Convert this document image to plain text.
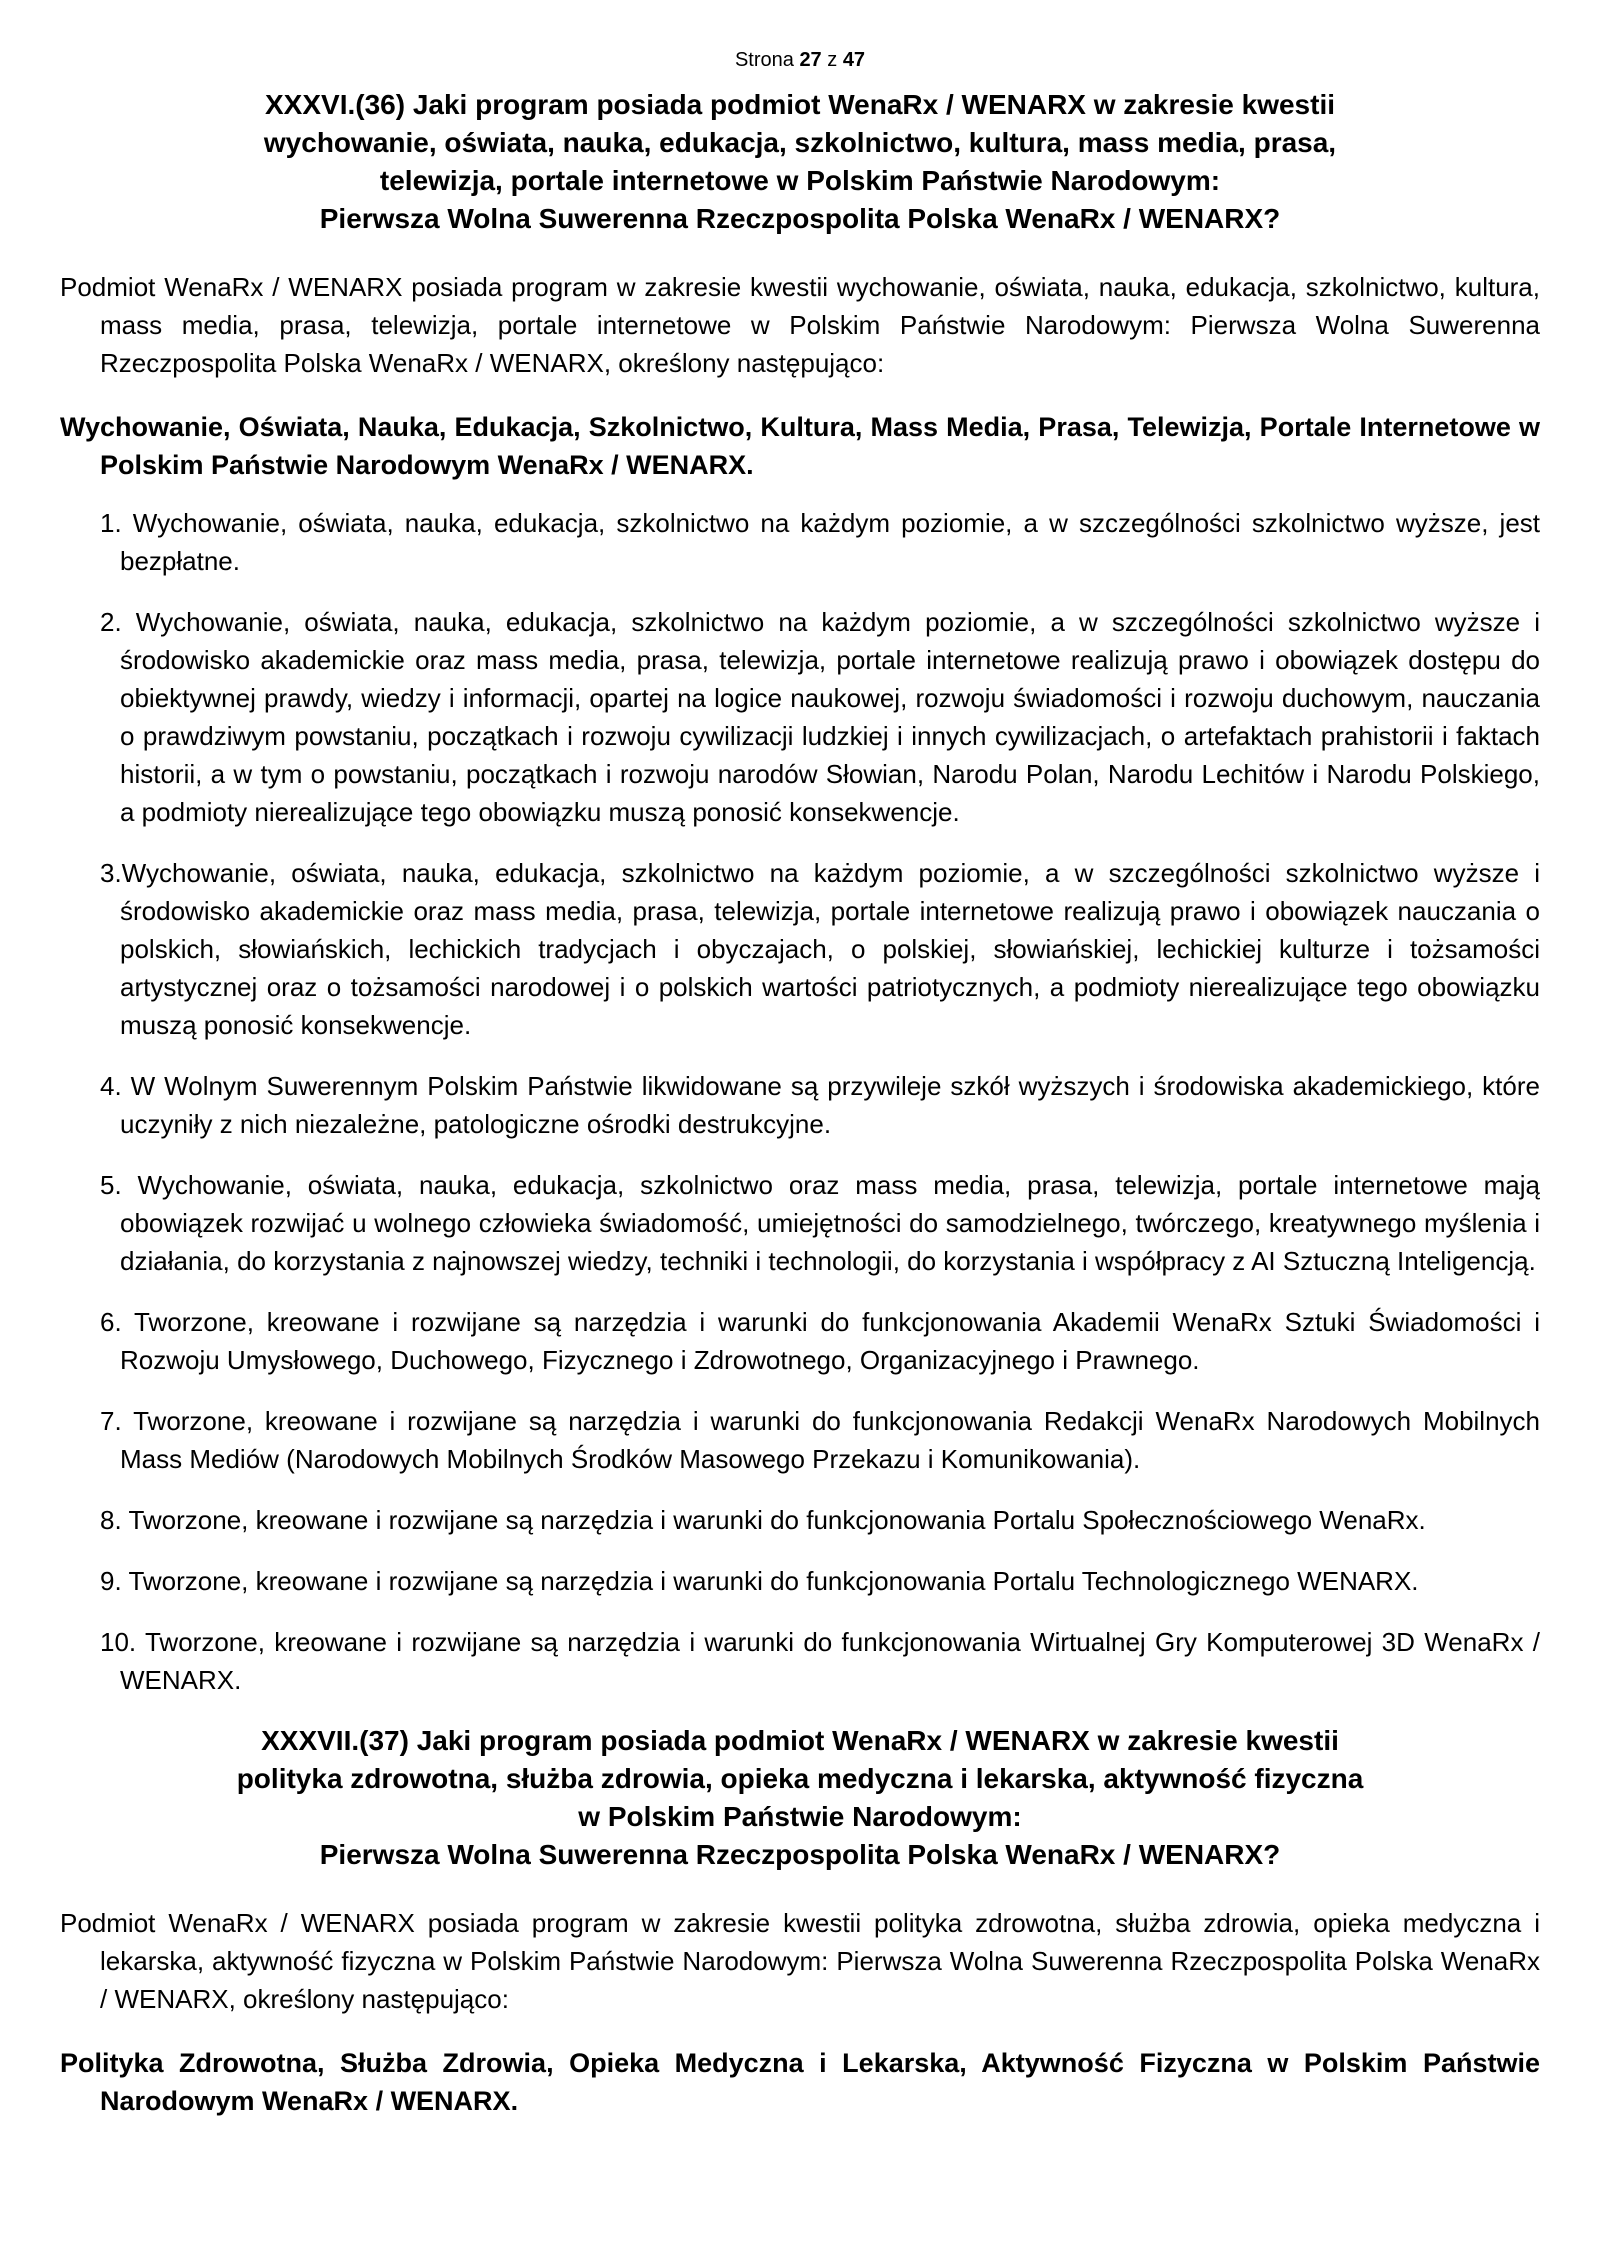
Strona 27 z 47
XXXVI.(36) Jaki program posiada podmiot WenaRx / WENARX w zakresie kwestii
wychowanie, oświata, nauka, edukacja, szkolnictwo, kultura, mass media, prasa,
telewizja, portale internetowe w Polskim Państwie Narodowym:
Pierwsza Wolna Suwerenna Rzeczpospolita Polska WenaRx / WENARX?

Podmiot WenaRx / WENARX posiada program w zakresie kwestii wychowanie, oświata, nauka, edukacja, szkolnictwo, kultura, mass media, prasa, telewizja, portale internetowe w Polskim Państwie Narodowym: Pierwsza Wolna Suwerenna Rzeczpospolita Polska WenaRx / WENARX, określony następująco:

Wychowanie, Oświata, Nauka, Edukacja, Szkolnictwo, Kultura, Mass Media, Prasa, Telewizja, Portale Internetowe w Polskim Państwie Narodowym WenaRx / WENARX.

1. Wychowanie, oświata, nauka, edukacja, szkolnictwo na każdym poziomie, a w szczególności szkolnictwo wyższe, jest bezpłatne.
2. Wychowanie, oświata, nauka, edukacja, szkolnictwo na każdym poziomie, a w szczególności szkolnictwo wyższe i środowisko akademickie oraz mass media, prasa, telewizja, portale internetowe realizują prawo i obowiązek dostępu do obiektywnej prawdy, wiedzy i informacji, opartej na logice naukowej, rozwoju świadomości i rozwoju duchowym, nauczania o prawdziwym powstaniu, początkach i rozwoju cywilizacji ludzkiej i innych cywilizacjach, o artefaktach prahistorii i faktach historii, a w tym o powstaniu, początkach i rozwoju narodów Słowian, Narodu Polan, Narodu Lechitów i Narodu Polskiego, a podmioty nierealizujące tego obowiązku muszą ponosić konsekwencje.
3.Wychowanie, oświata, nauka, edukacja, szkolnictwo na każdym poziomie, a w szczególności szkolnictwo wyższe i środowisko akademickie oraz mass media, prasa, telewizja, portale internetowe realizują prawo i obowiązek nauczania o polskich, słowiańskich, lechickich tradycjach i obyczajach, o polskiej, słowiańskiej, lechickiej kulturze i tożsamości artystycznej oraz o tożsamości narodowej i o polskich wartości patriotycznych, a podmioty nierealizujące tego obowiązku muszą ponosić konsekwencje.
4. W Wolnym Suwerennym Polskim Państwie likwidowane są przywileje szkół wyższych i środowiska akademickiego, które uczyniły z nich niezależne, patologiczne ośrodki destrukcyjne.
5. Wychowanie, oświata, nauka, edukacja, szkolnictwo oraz mass media, prasa, telewizja, portale internetowe mają obowiązek rozwijać u wolnego człowieka świadomość, umiejętności do samodzielnego, twórczego, kreatywnego myślenia i działania, do korzystania z najnowszej wiedzy, techniki i technologii, do korzystania i współpracy z AI Sztuczną Inteligencją.
6. Tworzone, kreowane i rozwijane są narzędzia i warunki do funkcjonowania Akademii WenaRx Sztuki Świadomości i Rozwoju Umysłowego, Duchowego, Fizycznego i Zdrowotnego, Organizacyjnego i Prawnego.
7. Tworzone, kreowane i rozwijane są narzędzia i warunki do funkcjonowania Redakcji WenaRx Narodowych Mobilnych Mass Mediów (Narodowych Mobilnych Środków Masowego Przekazu i Komunikowania).
8. Tworzone, kreowane i rozwijane są narzędzia i warunki do funkcjonowania Portalu Społecznościowego WenaRx.
9. Tworzone, kreowane i rozwijane są narzędzia i warunki do funkcjonowania Portalu Technologicznego WENARX.
10. Tworzone, kreowane i rozwijane są narzędzia i warunki do funkcjonowania Wirtualnej Gry Komputerowej 3D WenaRx / WENARX.
XXXVII.(37) Jaki program posiada podmiot WenaRx / WENARX w zakresie kwestii
polityka zdrowotna, służba zdrowia, opieka medyczna i lekarska, aktywność fizyczna
w Polskim Państwie Narodowym:
Pierwsza Wolna Suwerenna Rzeczpospolita Polska WenaRx / WENARX?

Podmiot WenaRx / WENARX posiada program w zakresie kwestii polityka zdrowotna, służba zdrowia, opieka medyczna i lekarska, aktywność fizyczna w Polskim Państwie Narodowym: Pierwsza Wolna Suwerenna Rzeczpospolita Polska WenaRx / WENARX, określony następująco:

Polityka Zdrowotna, Służba Zdrowia, Opieka Medyczna i Lekarska, Aktywność Fizyczna w Polskim Państwie Narodowym WenaRx / WENARX.
